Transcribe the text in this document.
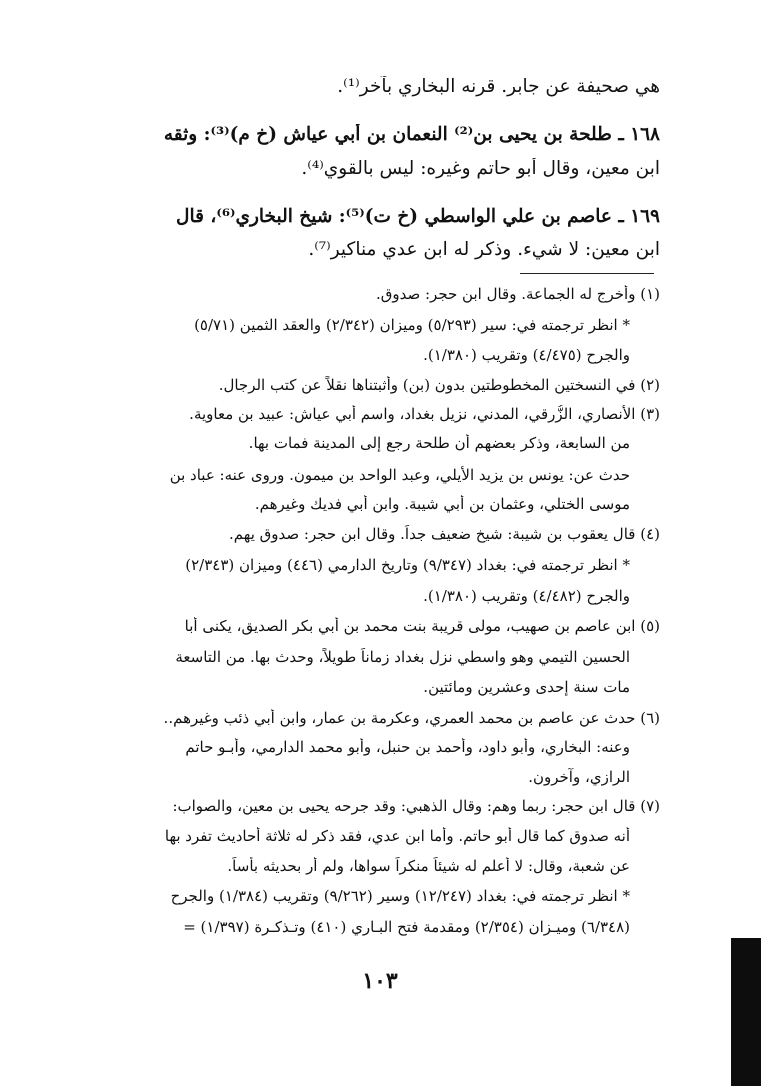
هي صحيفة عن جابر. قرنه البخاري بآخر⁽¹⁾.
١٦٨ ـ طلحة بن يحيى بن⁽²⁾ النعمان بن أبي عياش (خ م)⁽³⁾: وثقه
ابن معين، وقال أبو حاتم وغيره: ليس بالقوي⁽⁴⁾.
١٦٩ ـ عاصم بن علي الواسطي (خ ت)⁽⁵⁾: شيخ البخاري⁽⁶⁾، قال
ابن معين: لا شيء. وذكر له ابن عدي مناكير⁽⁷⁾.
(١) وأخرج له الجماعة. وقال ابن حجر: صدوق.
* انظر ترجمته في: سير (٥/٢٩٣) وميزان (٢/٣٤٢) والعقد الثمين (٥/٧١)
والجرح (٤/٤٧٥) وتقريب (١/٣٨٠).
(٢) في النسختين المخطوطتين بدون (بن) وأثبتناها نقلاً عن كتب الرجال.
(٣) الأنصاري، الزُّرقي، المدني، نزيل بغداد، واسم أبي عياش: عبيد بن معاوية.
من السابعة، وذكر بعضهم أن طلحة رجع إلى المدينة فمات بها.
حدث عن: يونس بن يزيد الأيلي، وعبد الواحد بن ميمون. وروى عنه: عباد بن
موسى الختلي، وعثمان بن أبي شيبة. وابن أبي فديك وغيرهم.
(٤) قال يعقوب بن شيبة: شيخ ضعيف جداً. وقال ابن حجر: صدوق يهم.
* انظر ترجمته في: بغداد (٩/٣٤٧) وتاريخ الدارمي (٤٤٦) وميزان (٢/٣٤٣)
والجرح (٤/٤٨٢) وتقريب (١/٣٨٠).
(٥) ابن عاصم بن صهيب، مولى قريبة بنت محمد بن أبي بكر الصديق، يكنى أبا
الحسين التيمي وهو واسطي نزل بغداد زماناً طويلاً، وحدث بها. من التاسعة
مات سنة إحدى وعشرين ومائتين.
(٦) حدث عن عاصم بن محمد العمري، وعكرمة بن عمار، وابن أبي ذئب وغيرهم..
وعنه: البخاري، وأبو داود، وأحمد بن حنبل، وأبو محمد الدارمي، وأبـو حاتم
الرازي، وآخرون.
(٧) قال ابن حجر: ربما وهم: وقال الذهبي: وقد جرحه يحيى بن معين، والصواب:
أنه صدوق كما قال أبو حاتم. وأما ابن عدي، فقد ذكر له ثلاثة أحاديث تفرد بها
عن شعبة، وقال: لا أعلم له شيئاً منكراً سواها، ولم أر بحديثه بأساً.
* انظر ترجمته في: بغداد (١٢/٢٤٧) وسير (٩/٢٦٢) وتقريب (١/٣٨٤) والجرح
(٦/٣٤٨) وميـزان (٢/٣٥٤) ومقدمة فتح البـاري (٤١٠) وتـذكـرة (١/٣٩٧) =
١٠٣
